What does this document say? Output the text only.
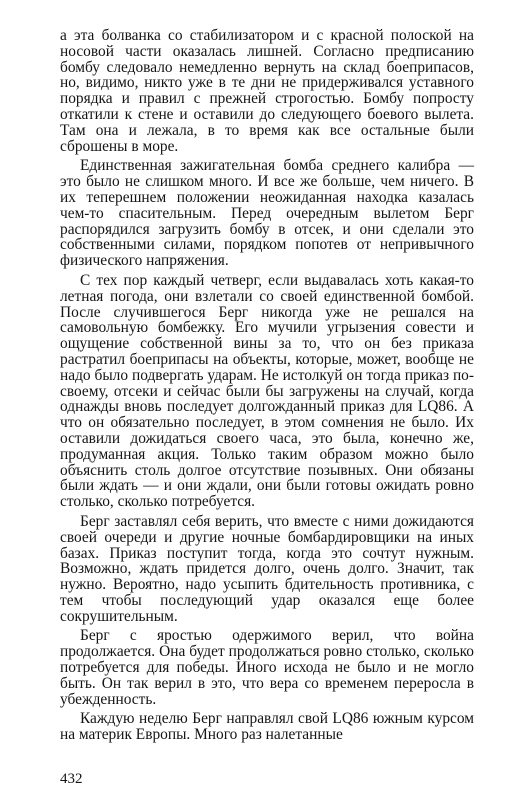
а эта болванка со стабилизатором и с красной полоской на носовой части оказалась лишней. Согласно предписанию бомбу следовало немедленно вернуть на склад боеприпасов, но, видимо, никто уже в те дни не придерживался уставного порядка и правил с прежней строгостью. Бомбу попросту откатили к стене и оставили до следующего боевого вылета. Там она и лежала, в то время как все остальные были сброшены в море.

Единственная зажигательная бомба среднего калибра — это было не слишком много. И все же больше, чем ничего. В их теперешнем положении неожиданная находка казалась чем-то спасительным. Перед очередным вылетом Берг распорядился загрузить бомбу в отсек, и они сделали это собственными силами, порядком попотев от непривычного физического напряжения.

С тех пор каждый четверг, если выдавалась хоть какая-то летная погода, они взлетали со своей единственной бомбой. После случившегося Берг никогда уже не решался на самовольную бомбежку. Его мучили угрызения совести и ощущение собственной вины за то, что он без приказа растратил боеприпасы на объекты, которые, может, вообще не надо было подвергать ударам. Не истолкуй он тогда приказ по-своему, отсеки и сейчас были бы загружены на случай, когда однажды вновь последует долгожданный приказ для LQ86. А что он обязательно последует, в этом сомнения не было. Их оставили дожидаться своего часа, это была, конечно же, продуманная акция. Только таким образом можно было объяснить столь долгое отсутствие позывных. Они обязаны были ждать — и они ждали, они были готовы ожидать ровно столько, сколько потребуется.

Берг заставлял себя верить, что вместе с ними дожидаются своей очереди и другие ночные бомбардировщики на иных базах. Приказ поступит тогда, когда это сочтут нужным. Возможно, ждать придется долго, очень долго. Значит, так нужно. Вероятно, надо усыпить бдительность противника, с тем чтобы последующий удар оказался еще более сокрушительным.

Берг с яростью одержимого верил, что война продолжается. Она будет продолжаться ровно столько, сколько потребуется для победы. Иного исхода не было и не могло быть. Он так верил в это, что вера со временем переросла в убежденность.

Каждую неделю Берг направлял свой LQ86 южным курсом на материк Европы. Много раз налетанные

432
